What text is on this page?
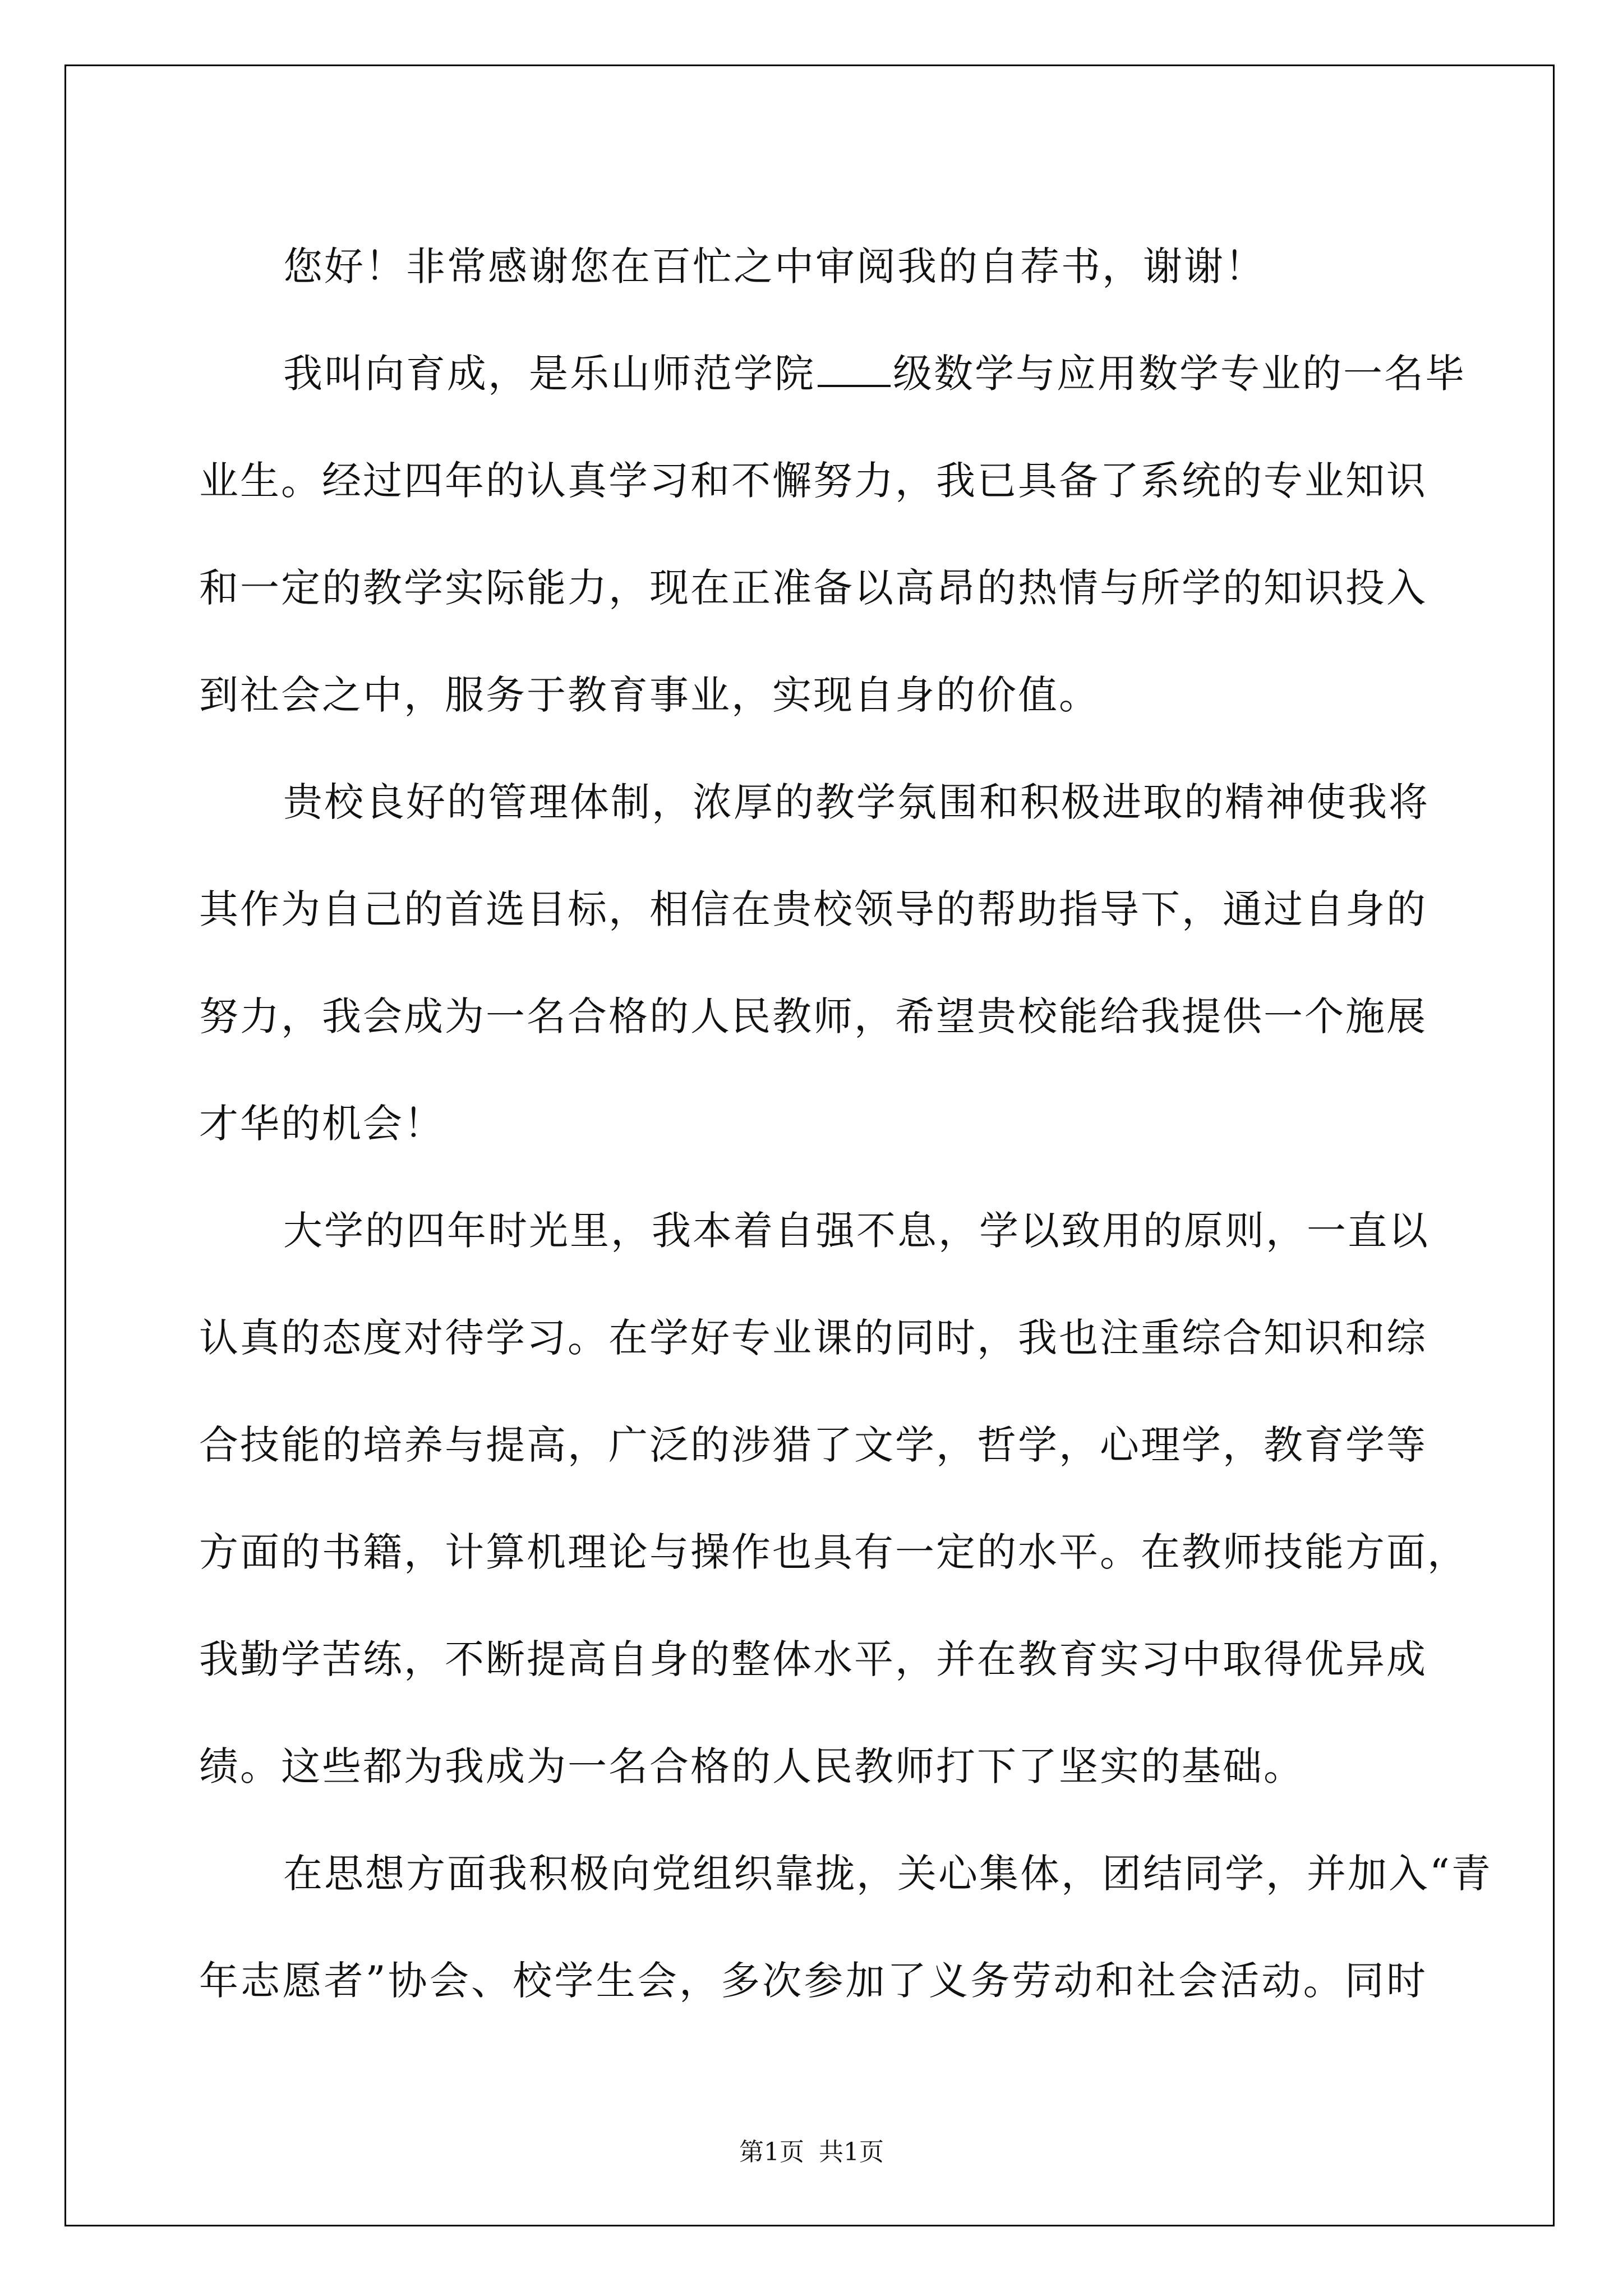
您好！非常感谢您在百忙之中审阅我的自荐书，谢谢！
我叫向育成，是乐山师范学院 级数学与应用数学专业的一名毕
业生。经过四年的认真学习和不懈努力，我已具备了系统的专业知识
和一定的教学实际能力，现在正准备以高昂的热情与所学的知识投入
到社会之中，服务于教育事业，实现自身的价值。
贵校良好的管理体制，浓厚的教学氛围和积极进取的精神使我将
其作为自己的首选目标，相信在贵校领导的帮助指导下，通过自身的
努力，我会成为一名合格的人民教师，希望贵校能给我提供一个施展
才华的机会！
大学的四年时光里，我本着自强不息，学以致用的原则，一直以
认真的态度对待学习。在学好专业课的同时，我也注重综合知识和综
合技能的培养与提高，广泛的涉猎了文学，哲学，心理学，教育学等
方面的书籍，计算机理论与操作也具有一定的水平。在教师技能方面，
我勤学苦练，不断提高自身的整体水平，并在教育实习中取得优异成
绩。这些都为我成为一名合格的人民教师打下了坚实的基础。
在思想方面我积极向党组织靠拢，关心集体，团结同学，并加入“青
年志愿者”协会、校学生会，多次参加了义务劳动和社会活动。同时
第1页 共1页
